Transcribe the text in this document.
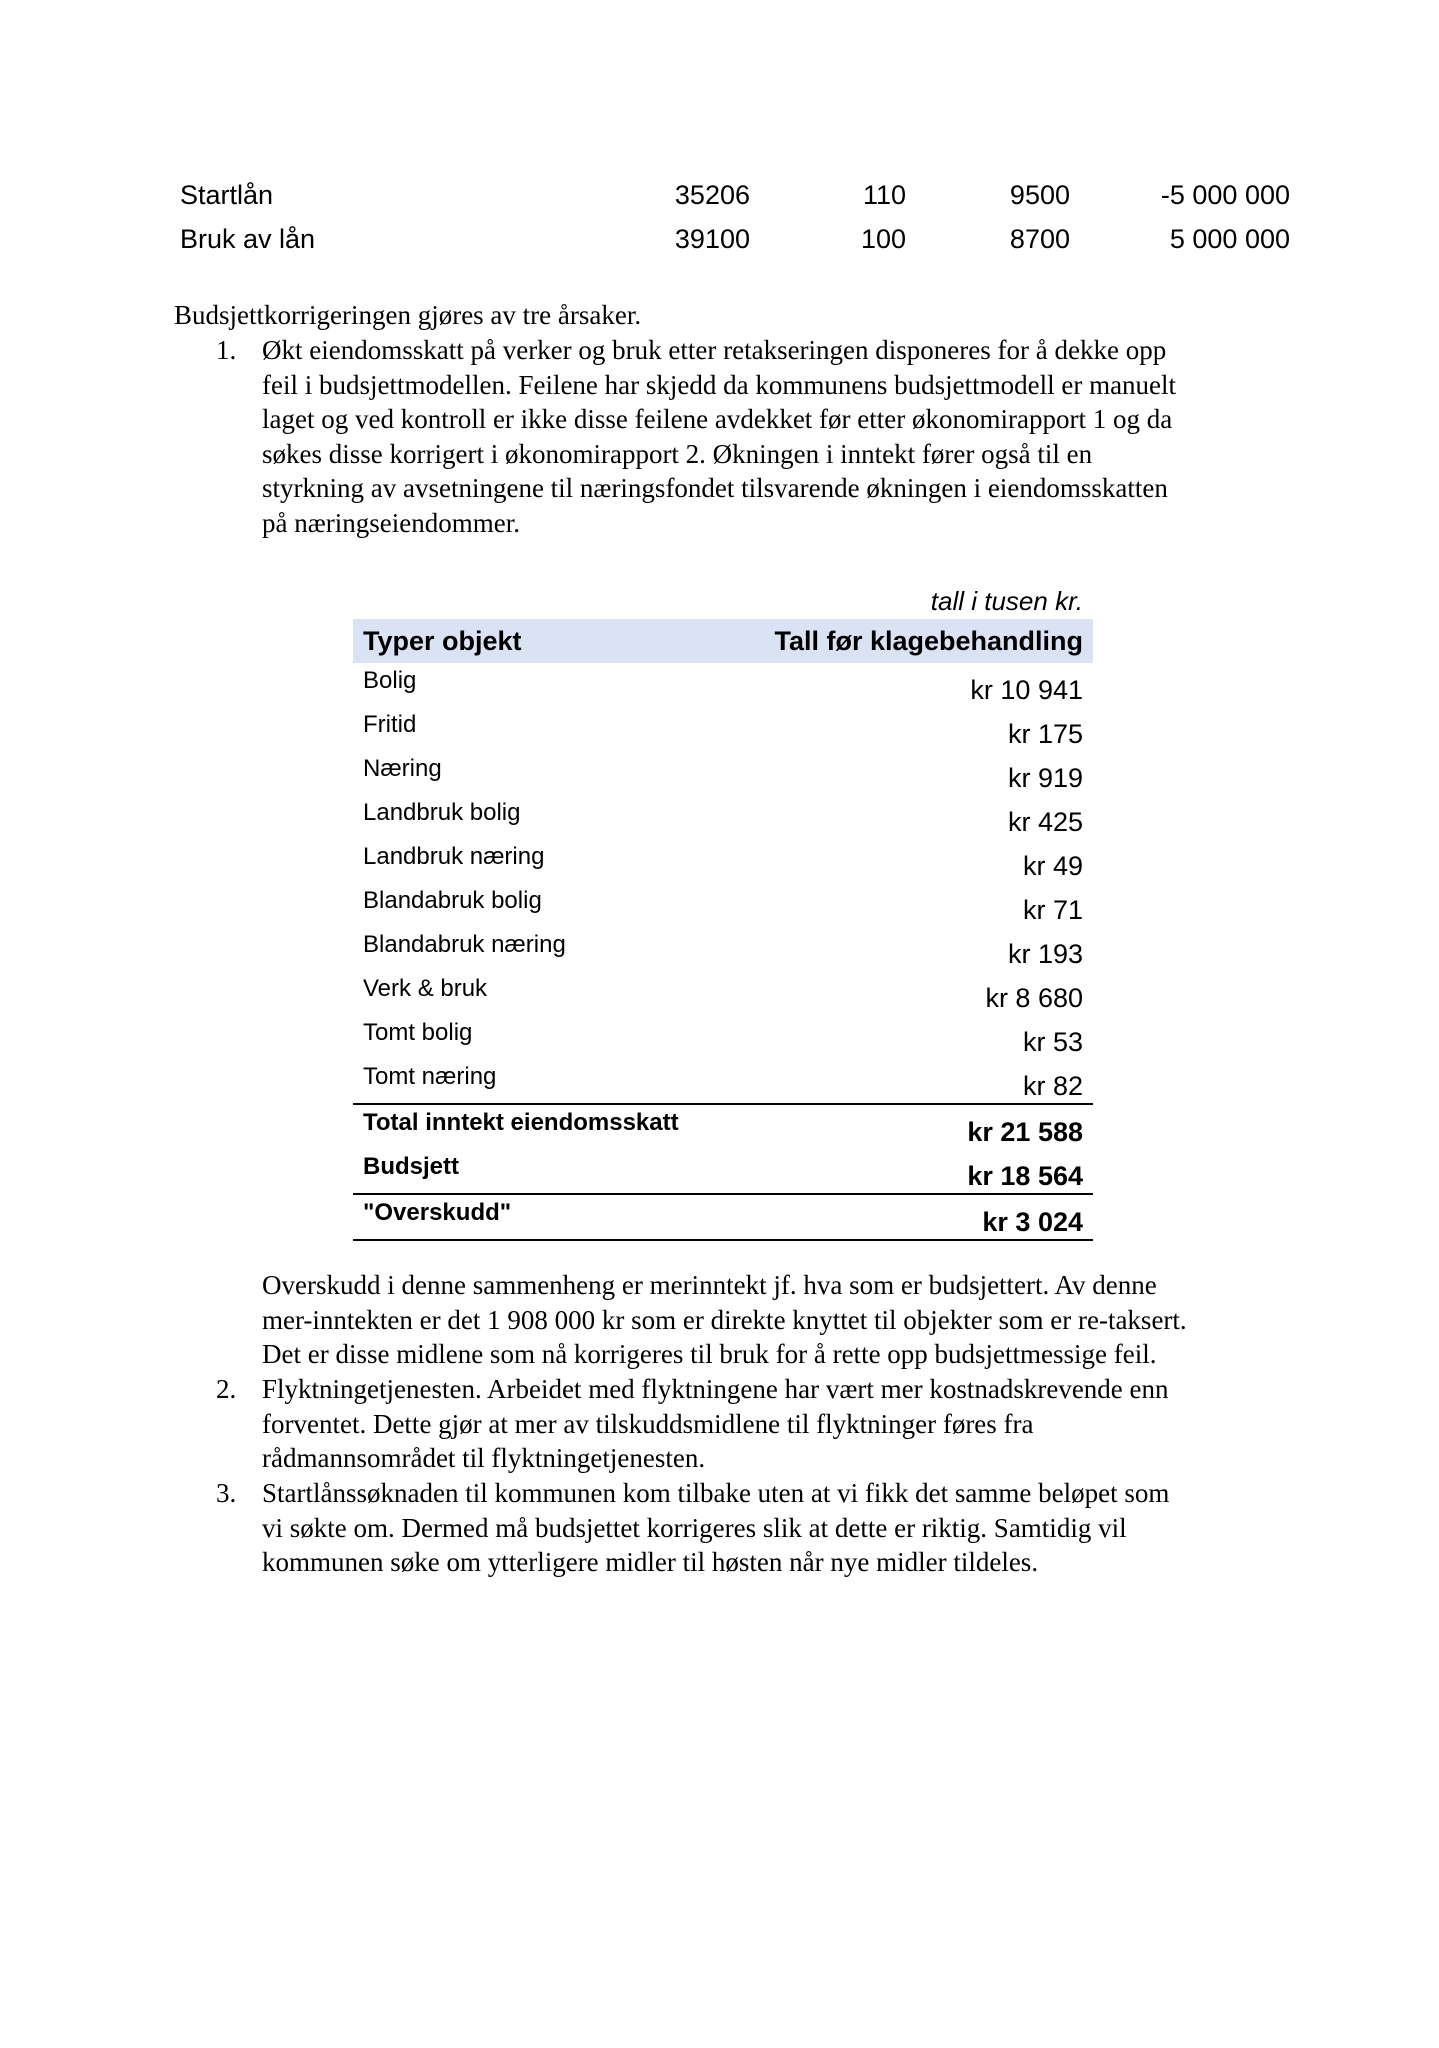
Startlån	35206	110	9500	-5 000 000
Bruk av lån	39100	100	8700	5 000 000
Budsjettkorrigeringen gjøres av tre årsaker.
1. Økt eiendomsskatt på verker og bruk etter retakseringen disponeres for å dekke opp
feil i budsjettmodellen. Feilene har skjedd da kommunens budsjettmodell er manuelt
laget og ved kontroll er ikke disse feilene avdekket før etter økonomirapport 1 og da
søkes disse korrigert i økonomirapport 2. Økningen i inntekt fører også til en
styrkning av avsetningene til næringsfondet tilsvarende økningen i eiendomsskatten
på næringseiendommer.
tall i tusen kr.
Typer objekt	Tall før klagebehandling
Bolig	kr 10 941
Fritid	kr 175
Næring	kr 919
Landbruk bolig	kr 425
Landbruk næring	kr 49
Blandabruk bolig	kr 71
Blandabruk næring	kr 193
Verk & bruk	kr 8 680
Tomt bolig	kr 53
Tomt næring	kr 82
Total inntekt eiendomsskatt	kr 21 588
Budsjett	kr 18 564
"Overskudd"	kr 3 024
Overskudd i denne sammenheng er merinntekt jf. hva som er budsjettert. Av denne
mer-inntekten er det 1 908 000 kr som er direkte knyttet til objekter som er re-taksert.
Det er disse midlene som nå korrigeres til bruk for å rette opp budsjettmessige feil.
2. Flyktningetjenesten. Arbeidet med flyktningene har vært mer kostnadskrevende enn
forventet. Dette gjør at mer av tilskuddsmidlene til flyktninger føres fra
rådmannsområdet til flyktningetjenesten.
3. Startlånssøknaden til kommunen kom tilbake uten at vi fikk det samme beløpet som
vi søkte om. Dermed må budsjettet korrigeres slik at dette er riktig. Samtidig vil
kommunen søke om ytterligere midler til høsten når nye midler tildeles.
